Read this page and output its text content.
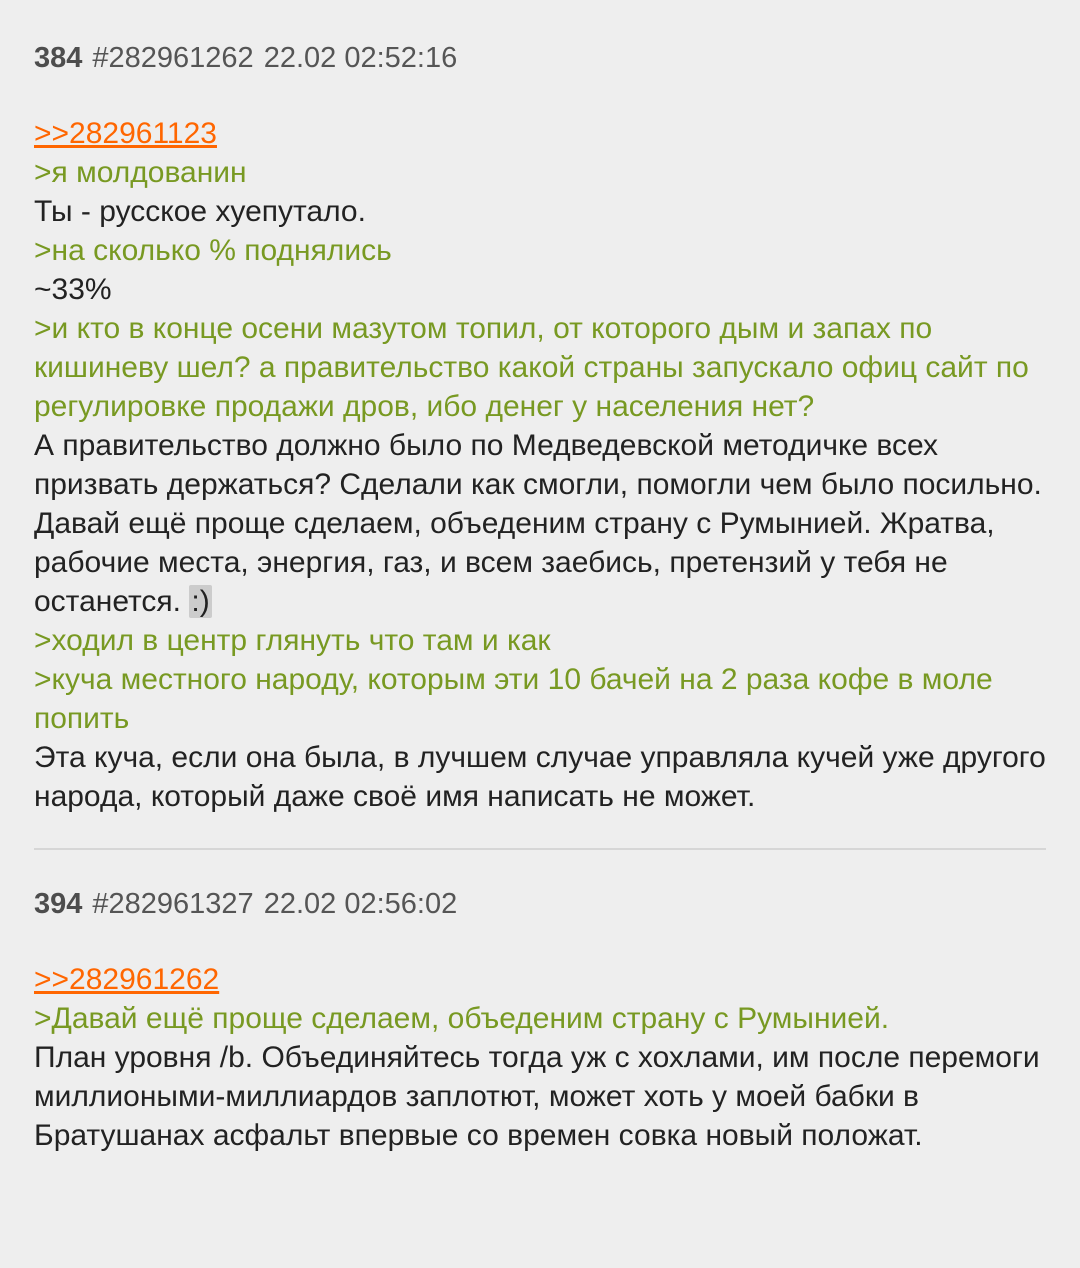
384 #282961262 22.02 02:52:16
>>282961123
>я молдованин
Ты - русское хуепутало.
>на сколько % поднялись
~33%
>и кто в конце осени мазутом топил, от которого дым и запах по кишиневу шел? а правительство какой страны запускало офиц сайт по регулировке продажи дров, ибо денег у населения нет?
А правительство должно было по Медведевской методичке всех призвать держаться? Сделали как смогли, помогли чем было посильно.
Давай ещё проще сделаем, объеденим страну с Румынией. Жратва, рабочие места, энергия, газ, и всем заебись, претензий у тебя не останется. :)
>ходил в центр глянуть что там и как
>куча местного народу, которым эти 10 бачей на 2 раза кофе в моле попить
Эта куча, если она была, в лучшем случае управляла кучей уже другого народа, который даже своё имя написать не может.
394 #282961327 22.02 02:56:02
>>282961262
>Давай ещё проще сделаем, объеденим страну с Румынией.
План уровня /b. Объединяйтесь тогда уж с хохлами, им после перемоги миллиоными-миллиардов заплотют, может хоть у моей бабки в Братушанах асфальт впервые со времен совка новый положат.
